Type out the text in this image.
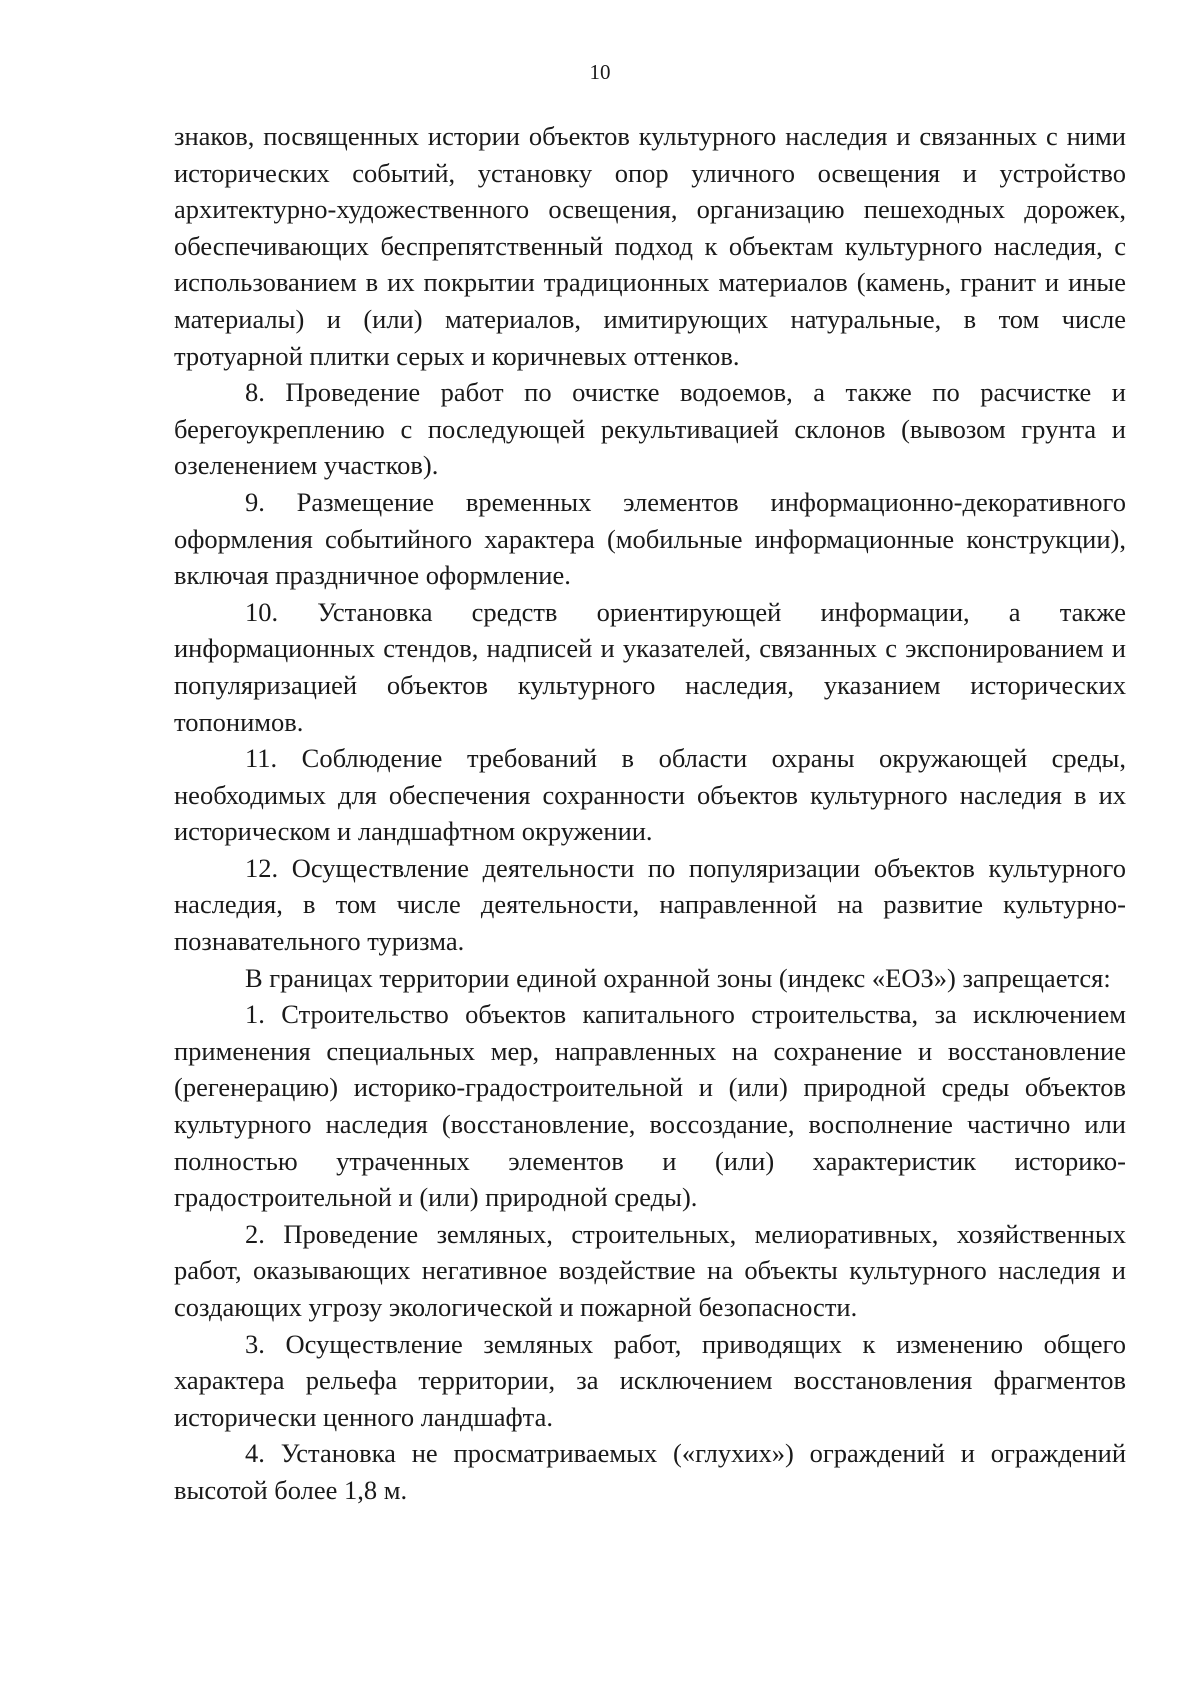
10

знаков, посвященных истории объектов культурного наследия и связанных с ними исторических событий, установку опор уличного освещения и устройство архитектурно-художественного освещения, организацию пешеходных дорожек, обеспечивающих беспрепятственный подход к объектам культурного наследия, с использованием в их покрытии традиционных материалов (камень, гранит и иные материалы) и (или) материалов, имитирующих натуральные, в том числе тротуарной плитки серых и коричневых оттенков.

8. Проведение работ по очистке водоемов, а также по расчистке и берегоукреплению с последующей рекультивацией склонов (вывозом грунта и озеленением участков).

9. Размещение временных элементов информационно-декоративного оформления событийного характера (мобильные информационные конструкции), включая праздничное оформление.

10. Установка средств ориентирующей информации, а также информационных стендов, надписей и указателей, связанных с экспонированием и популяризацией объектов культурного наследия, указанием исторических топонимов.

11. Соблюдение требований в области охраны окружающей среды, необходимых для обеспечения сохранности объектов культурного наследия в их историческом и ландшафтном окружении.

12. Осуществление деятельности по популяризации объектов культурного наследия, в том числе деятельности, направленной на развитие культурно-познавательного туризма.

В границах территории единой охранной зоны (индекс «ЕОЗ») запрещается:

1. Строительство объектов капитального строительства, за исключением применения специальных мер, направленных на сохранение и восстановление (регенерацию) историко-градостроительной и (или) природной среды объектов культурного наследия (восстановление, воссоздание, восполнение частично или полностью утраченных элементов и (или) характеристик историко-градостроительной и (или) природной среды).

2. Проведение земляных, строительных, мелиоративных, хозяйственных работ, оказывающих негативное воздействие на объекты культурного наследия и создающих угрозу экологической и пожарной безопасности.

3. Осуществление земляных работ, приводящих к изменению общего характера рельефа территории, за исключением восстановления фрагментов исторически ценного ландшафта.

4. Установка не просматриваемых («глухих») ограждений и ограждений высотой более 1,8 м.
